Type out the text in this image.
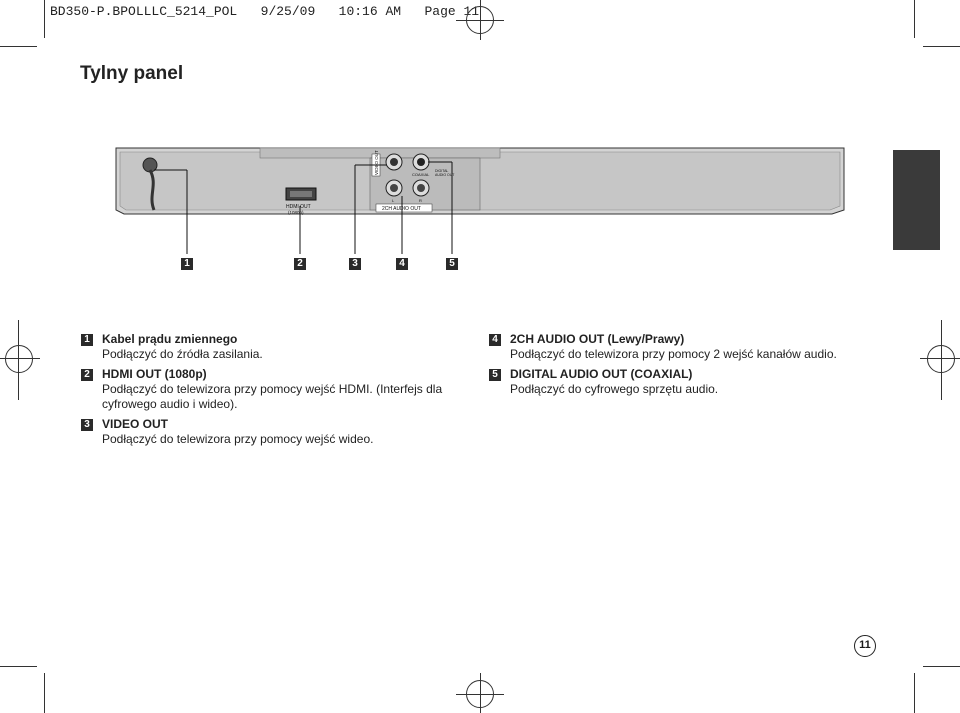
BD350-P.BPOLLLC_5214_POL 9/25/09 10:16 AM Page 11
Tylny panel
HDMI OUT
(1080p)
VIDEO OUT	COAXIAL
DIGITAL
AUDIO OUT
L	R
2CH AUDIO OUT
1	2	3	4	5
1 Kabel prądu zmiennego
Podłączyć do źródła zasilania.
2 HDMI OUT (1080p)
Podłączyć do telewizora przy pomocy wejść HDMI. (Interfejs dla cyfrowego audio i wideo).
3 VIDEO OUT
Podłączyć do telewizora przy pomocy wejść wideo.
4 2CH AUDIO OUT (Lewy/Prawy)
Podłączyć do telewizora przy pomocy 2 wejść kanałów audio.
5 DIGITAL AUDIO OUT (COAXIAL)
Podłączyć do cyfrowego sprzętu audio.
11
